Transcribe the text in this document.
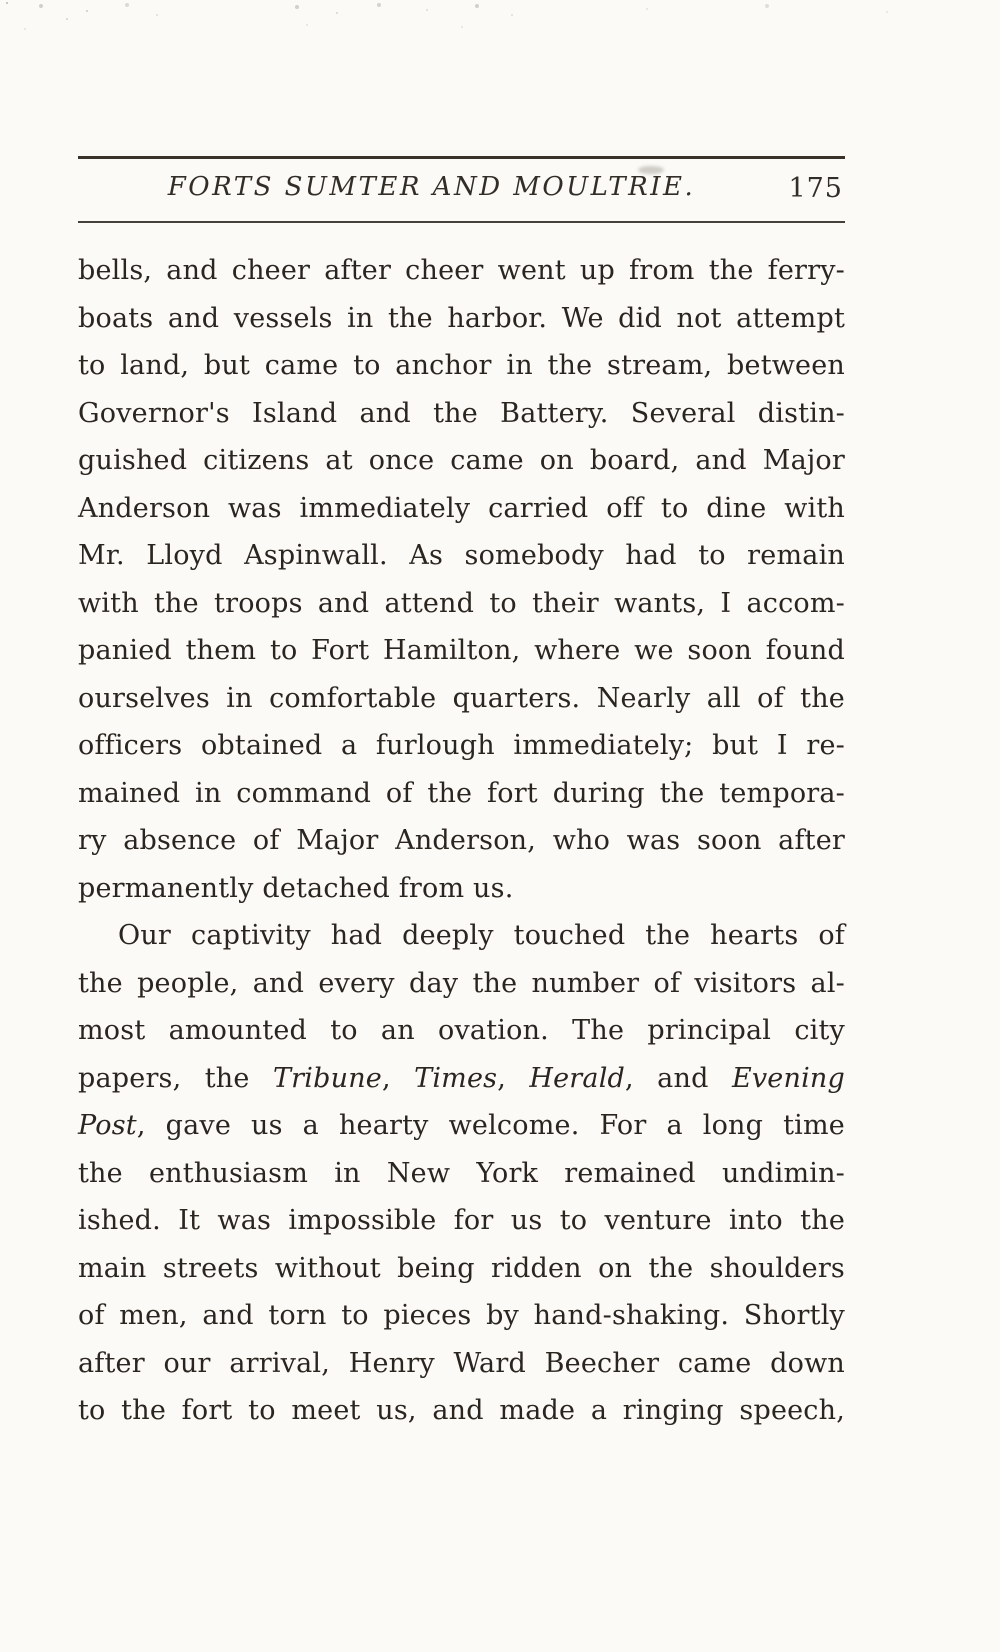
FORTS SUMTER AND MOULTRIE.	175
bells, and cheer after cheer went up from the ferry-
boats and vessels in the harbor. We did not attempt
to land, but came to anchor in the stream, between
Governor's Island and the Battery. Several distin-
guished citizens at once came on board, and Major
Anderson was immediately carried off to dine with
Mr. Lloyd Aspinwall. As somebody had to remain
with the troops and attend to their wants, I accom-
panied them to Fort Hamilton, where we soon found
ourselves in comfortable quarters. Nearly all of the
officers obtained a furlough immediately; but I re-
mained in command of the fort during the tempora-
ry absence of Major Anderson, who was soon after
permanently detached from us.
Our captivity had deeply touched the hearts of
the people, and every day the number of visitors al-
most amounted to an ovation. The principal city
papers, the Tribune, Times, Herald, and Evening
Post, gave us a hearty welcome. For a long time
the enthusiasm in New York remained undimin-
ished. It was impossible for us to venture into the
main streets without being ridden on the shoulders
of men, and torn to pieces by hand-shaking. Shortly
after our arrival, Henry Ward Beecher came down
to the fort to meet us, and made a ringing speech,
